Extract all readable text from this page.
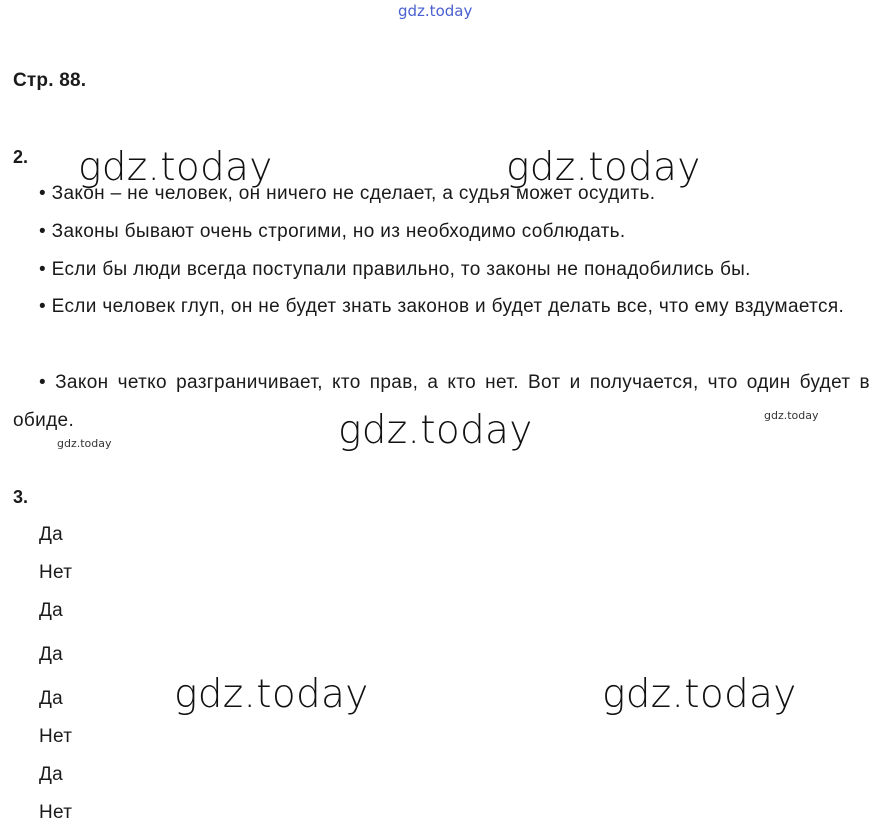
gdz.today
Стр. 88.
2. gdz.today	gdz.today
• Закон – не человек, он ничего не сделает, а судья может осудить.
• Законы бывают очень строгими, но из необходимо соблюдать.
• Если бы люди всегда поступали правильно, то законы не понадобились бы.
• Если человек глуп, он не будет знать законов и будет делать все, что ему вздумается.
• Закон четко разграничивает, кто прав, а кто нет. Вот и получается, что один будет в обиде.	gdz.today	gdz.today
gdz.today
3.
Да
Нет
Да
Да
Да
Нет
Да
Нет
gdz.today	gdz.today
